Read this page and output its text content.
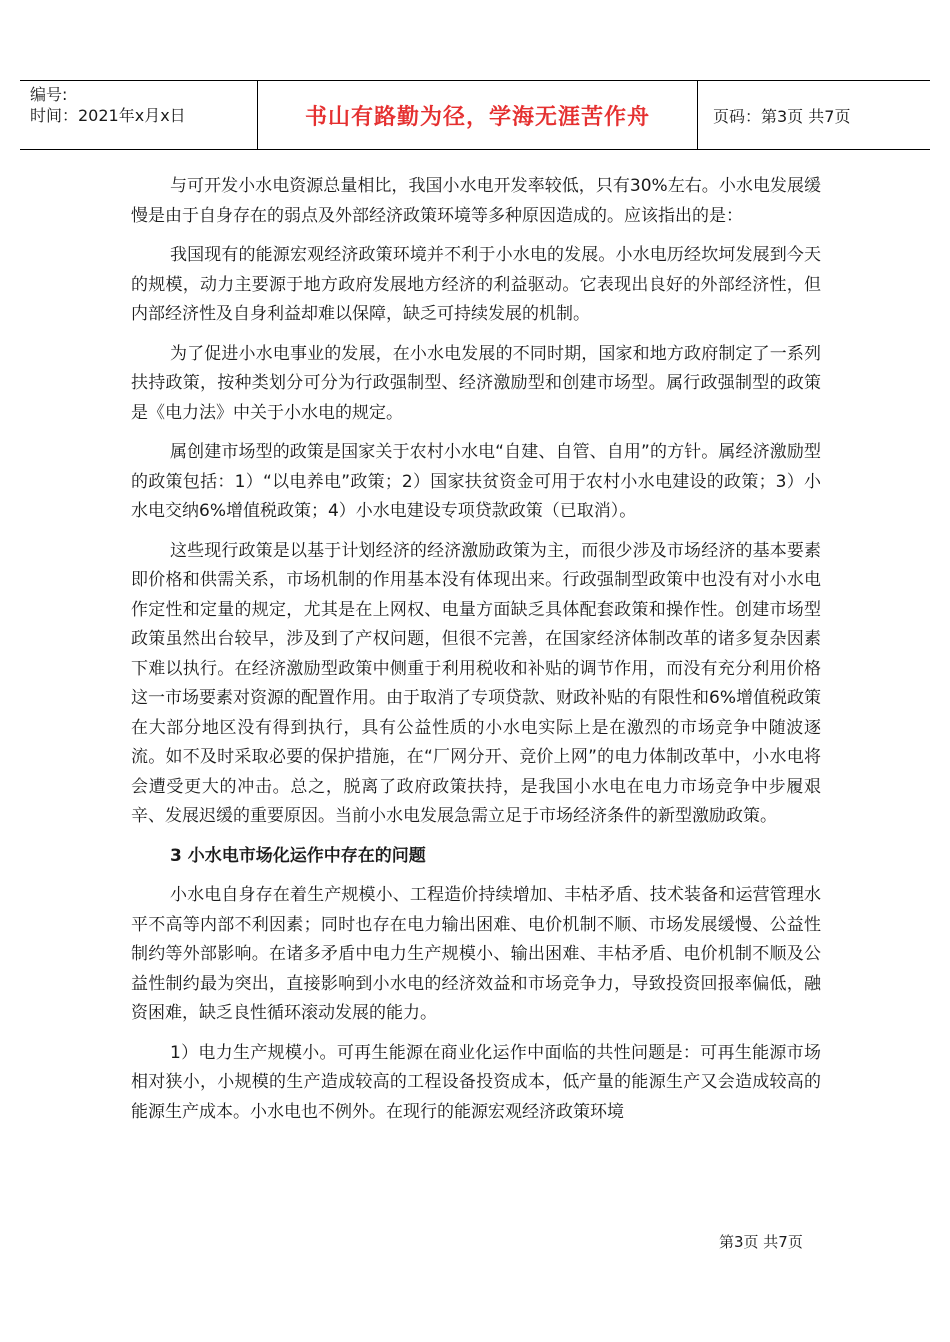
编号:
时间：2021年x月x日	书山有路勤为径，学海无涯苦作舟	页码：第3页 共7页

与可开发小水电资源总量相比，我国小水电开发率较低，只有30%左右。小水电发展缓慢是由于自身存在的弱点及外部经济政策环境等多种原因造成的。应该指出的是：

我国现有的能源宏观经济政策环境并不利于小水电的发展。小水电历经坎坷发展到今天的规模，动力主要源于地方政府发展地方经济的利益驱动。它表现出良好的外部经济性，但内部经济性及自身利益却难以保障，缺乏可持续发展的机制。

为了促进小水电事业的发展，在小水电发展的不同时期，国家和地方政府制定了一系列扶持政策，按种类划分可分为行政强制型、经济激励型和创建市场型。属行政强制型的政策是《电力法》中关于小水电的规定。

属创建市场型的政策是国家关于农村小水电“自建、自管、自用”的方针。属经济激励型的政策包括：1）“以电养电”政策；2）国家扶贫资金可用于农村小水电建设的政策；3）小水电交纳6%增值税政策；4）小水电建设专项贷款政策（已取消）。

这些现行政策是以基于计划经济的经济激励政策为主，而很少涉及市场经济的基本要素即价格和供需关系，市场机制的作用基本没有体现出来。行政强制型政策中也没有对小水电作定性和定量的规定，尤其是在上网权、电量方面缺乏具体配套政策和操作性。创建市场型政策虽然出台较早，涉及到了产权问题，但很不完善，在国家经济体制改革的诸多复杂因素下难以执行。在经济激励型政策中侧重于利用税收和补贴的调节作用，而没有充分利用价格这一市场要素对资源的配置作用。由于取消了专项贷款、财政补贴的有限性和6%增值税政策在大部分地区没有得到执行，具有公益性质的小水电实际上是在激烈的市场竞争中随波逐流。如不及时采取必要的保护措施，在“厂网分开、竞价上网”的电力体制改革中，小水电将会遭受更大的冲击。总之，脱离了政府政策扶持，是我国小水电在电力市场竞争中步履艰辛、发展迟缓的重要原因。当前小水电发展急需立足于市场经济条件的新型激励政策。

3 小水电市场化运作中存在的问题

小水电自身存在着生产规模小、工程造价持续增加、丰枯矛盾、技术装备和运营管理水平不高等内部不利因素；同时也存在电力输出困难、电价机制不顺、市场发展缓慢、公益性制约等外部影响。在诸多矛盾中电力生产规模小、输出困难、丰枯矛盾、电价机制不顺及公益性制约最为突出，直接影响到小水电的经济效益和市场竞争力，导致投资回报率偏低，融资困难，缺乏良性循环滚动发展的能力。

1）电力生产规模小。可再生能源在商业化运作中面临的共性问题是：可再生能源市场相对狭小，小规模的生产造成较高的工程设备投资成本，低产量的能源生产又会造成较高的能源生产成本。小水电也不例外。在现行的能源宏观经济政策环境

第3页 共7页
